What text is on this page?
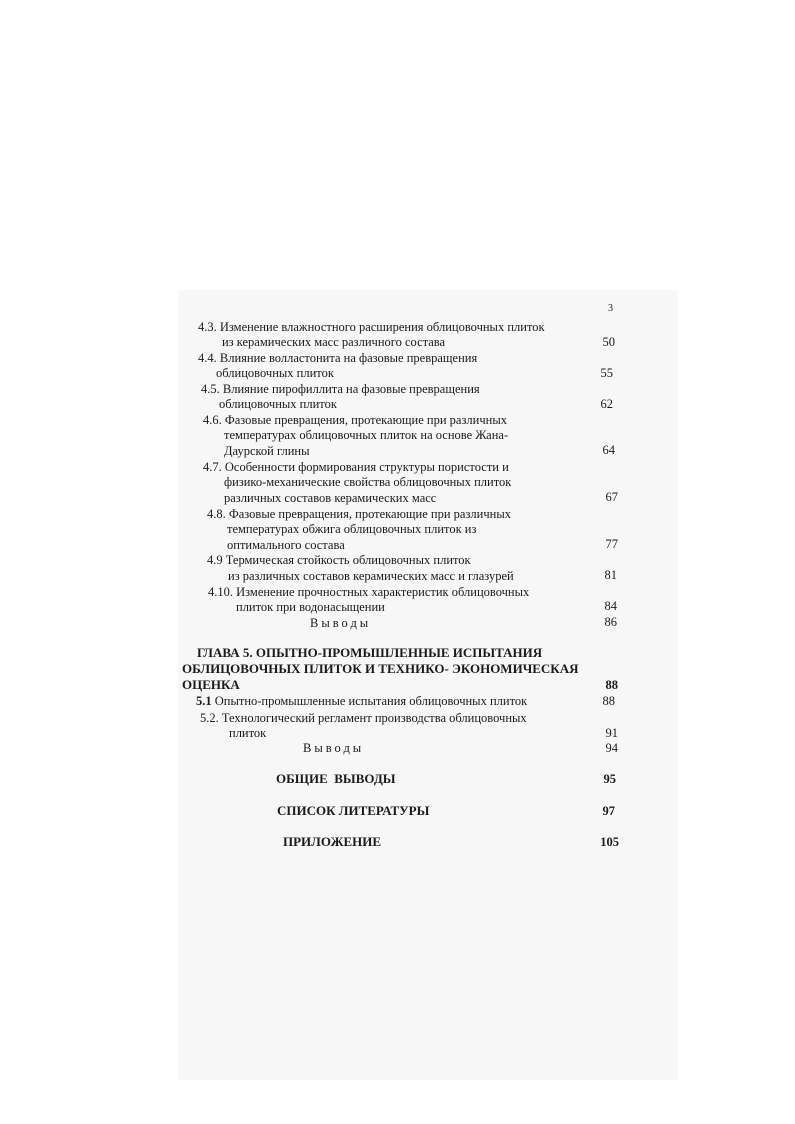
3
4.3. Изменение влажностного расширения облицовочных плиток
из керамических масс различного состава	50
4.4. Влияние волластонита на фазовые превращения
облицовочных плиток	55
4.5. Влияние пирофиллита на фазовые превращения
облицовочных плиток	62
4.6. Фазовые превращения, протекающие при различных
температурах облицовочных плиток на основе Жана-
Даурской глины	64
4.7. Особенности формирования структуры пористости и
физико-механические свойства облицовочных плиток
различных составов керамических масс	67
4.8. Фазовые превращения, протекающие при различных
температурах обжига облицовочных плиток из
оптимального состава	77
4.9 Термическая стойкость облицовочных плиток
из различных составов керамических масс и глазурей	81
4.10. Изменение прочностных характеристик облицовочных
плиток при водонасыщении	84
Выводы	86
ГЛАВА 5. ОПЫТНО-ПРОМЫШЛЕННЫЕ ИСПЫТАНИЯ
ОБЛИЦОВОЧНЫХ ПЛИТОК И ТЕХНИКО- ЭКОНОМИЧЕСКАЯ
ОЦЕНКА	88
5.1 Опытно-промышленные испытания облицовочных плиток	88
5.2. Технологический регламент производства облицовочных
плиток	91
Выводы	94
ОБЩИЕ  ВЫВОДЫ	95
СПИСОК ЛИТЕРАТУРЫ	97
ПРИЛОЖЕНИЕ	105
